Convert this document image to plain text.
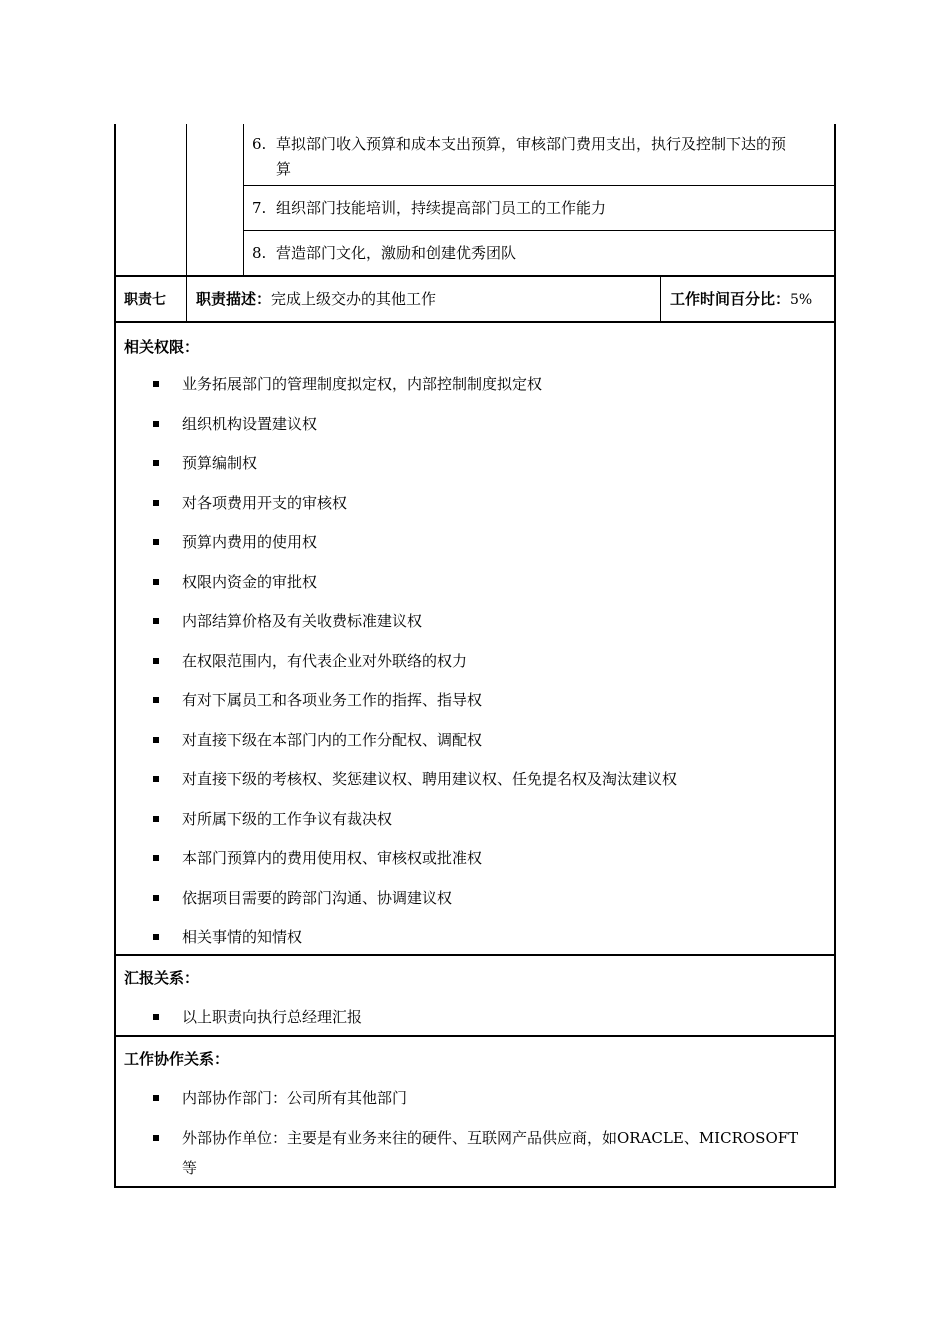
6. 草拟部门收入预算和成本支出预算，审核部门费用支出，执行及控制下达的预
算
7. 组织部门技能培训，持续提高部门员工的工作能力
8. 营造部门文化，激励和创建优秀团队
职责七 职责描述：完成上级交办的其他工作	工作时间百分比：5%
相关权限：
业务拓展部门的管理制度拟定权，内部控制制度拟定权
组织机构设置建议权
预算编制权
对各项费用开支的审核权
预算内费用的使用权
权限内资金的审批权
内部结算价格及有关收费标准建议权
在权限范围内，有代表企业对外联络的权力
有对下属员工和各项业务工作的指挥、指导权
对直接下级在本部门内的工作分配权、调配权
对直接下级的考核权、奖惩建议权、聘用建议权、任免提名权及淘汰建议权
对所属下级的工作争议有裁决权
本部门预算内的费用使用权、审核权或批准权
依据项目需要的跨部门沟通、协调建议权
相关事情的知情权
汇报关系：
以上职责向执行总经理汇报
工作协作关系：
内部协作部门：公司所有其他部门
外部协作单位：主要是有业务来往的硬件、互联网产品供应商，如ORACLE、MICROSOFT
等
